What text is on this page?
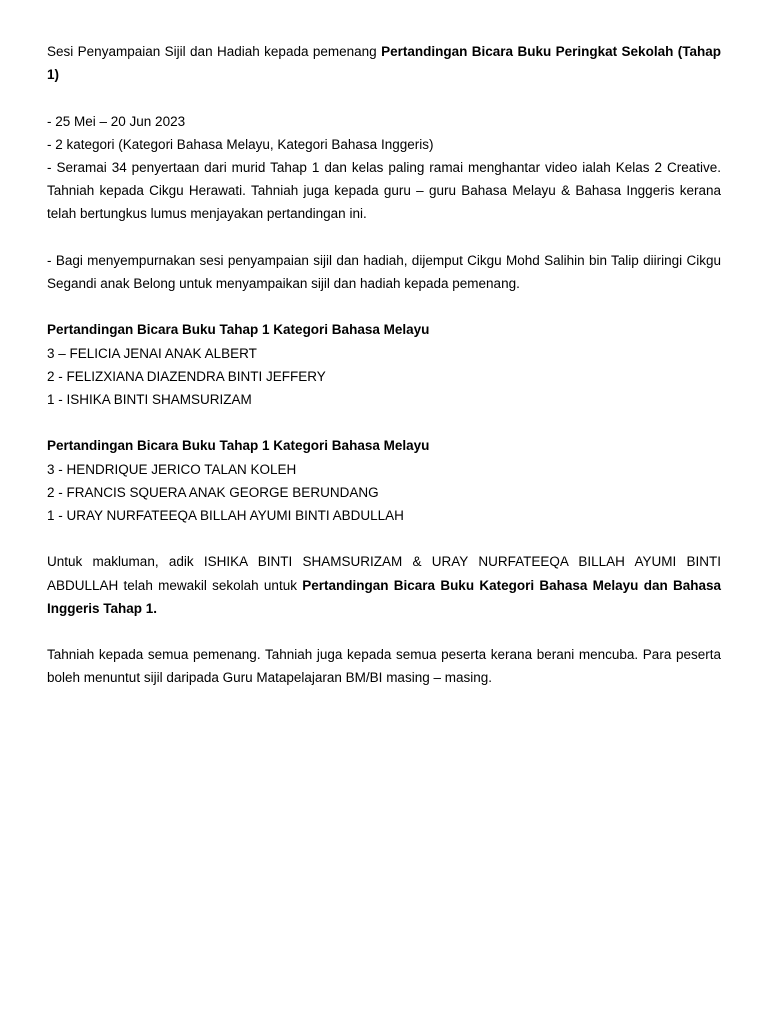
Sesi Penyampaian Sijil dan Hadiah kepada pemenang Pertandingan Bicara Buku Peringkat Sekolah (Tahap 1)

- 25 Mei – 20 Jun 2023

- 2 kategori (Kategori Bahasa Melayu, Kategori Bahasa Inggeris)

- Seramai 34 penyertaan dari murid Tahap 1 dan kelas paling ramai menghantar video ialah Kelas 2 Creative. Tahniah kepada Cikgu Herawati. Tahniah juga kepada guru – guru Bahasa Melayu & Bahasa Inggeris kerana telah bertungkus lumus menjayakan pertandingan ini.

- Bagi menyempurnakan sesi penyampaian sijil dan hadiah, dijemput Cikgu Mohd Salihin bin Talip diiringi Cikgu Segandi anak Belong untuk menyampaikan sijil dan hadiah kepada pemenang.

Pertandingan Bicara Buku Tahap 1 Kategori Bahasa Melayu

3 – FELICIA JENAI ANAK ALBERT

2 - FELIZXIANA DIAZENDRA BINTI JEFFERY

1 - ISHIKA BINTI SHAMSURIZAM

Pertandingan Bicara Buku Tahap 1 Kategori Bahasa Melayu

3 - HENDRIQUE JERICO TALAN KOLEH

2 - FRANCIS SQUERA ANAK GEORGE BERUNDANG

1 - URAY NURFATEEQA BILLAH AYUMI BINTI ABDULLAH

Untuk makluman, adik ISHIKA BINTI SHAMSURIZAM & URAY NURFATEEQA BILLAH AYUMI BINTI ABDULLAH telah mewakil sekolah untuk Pertandingan Bicara Buku Kategori Bahasa Melayu dan Bahasa Inggeris Tahap 1.

Tahniah kepada semua pemenang. Tahniah juga kepada semua peserta kerana berani mencuba. Para peserta boleh menuntut sijil daripada Guru Matapelajaran BM/BI masing – masing.
